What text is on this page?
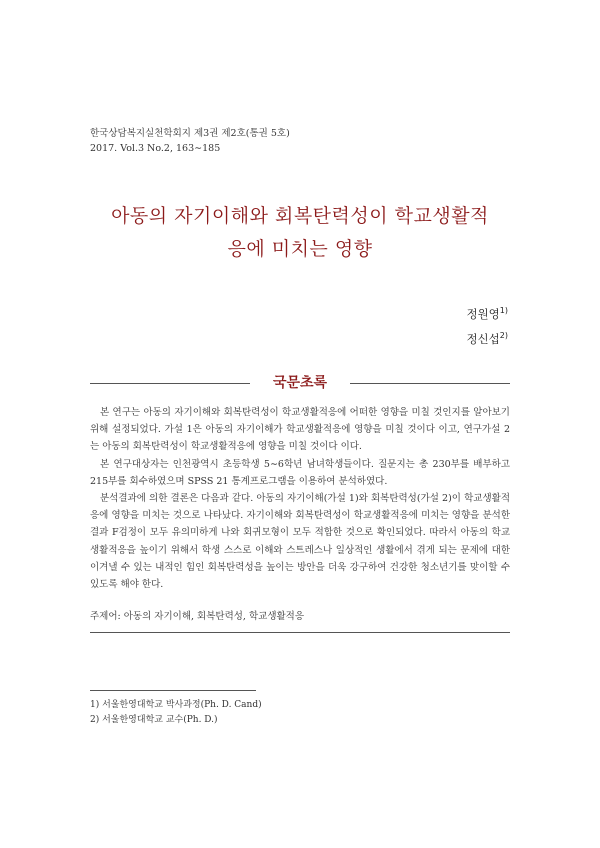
한국상담복지실천학회지 제3권 제2호(통권 5호)
2017. Vol.3 No.2, 163∼185
아동의 자기이해와 회복탄력성이 학교생활적
응에 미치는 영향
정원영$^{1)}$
정신섭$^{2)}$
국문초록

본 연구는 아동의 자기이해와 회복탄력성이 학교생활적응에 어떠한 영향을 미칠 것인지를 알아보기 위해 설정되었다. 가설 1은 아동의 자기이해가 학교생활적응에 영향을 미칠 것이다 이고, 연구가설 2는 아동의 회복탄력성이 학교생활적응에 영향을 미칠 것이다 이다.

본 연구대상자는 인천광역시 초등학생 5∼6학년 남녀학생들이다. 질문지는 총 230부를 배부하고 215부를 회수하였으며 SPSS 21 통계프로그램을 이용하여 분석하였다.

분석결과에 의한 결론은 다음과 같다. 아동의 자기이해(가설 1)와 회복탄력성(가설 2)이 학교생활적응에 영향을 미치는 것으로 나타났다. 자기이해와 회복탄력성이 학교생활적응에 미치는 영향을 분석한 결과 F검정이 모두 유의미하게 나와 회귀모형이 모두 적합한 것으로 확인되었다. 따라서 아동의 학교생활적응을 높이기 위해서 학생 스스로 이해와 스트레스나 일상적인 생활에서 겪게 되는 문제에 대한 이겨낼 수 있는 내적인 힘인 회복탄력성을 높이는 방안을 더욱 강구하여 건강한 청소년기를 맞이할 수 있도록 해야 한다.

주제어: 아동의 자기이해, 회복탄력성, 학교생활적응
1) 서울한영대학교 박사과정(Ph. D. Cand)
2) 서울한영대학교 교수(Ph. D.)
